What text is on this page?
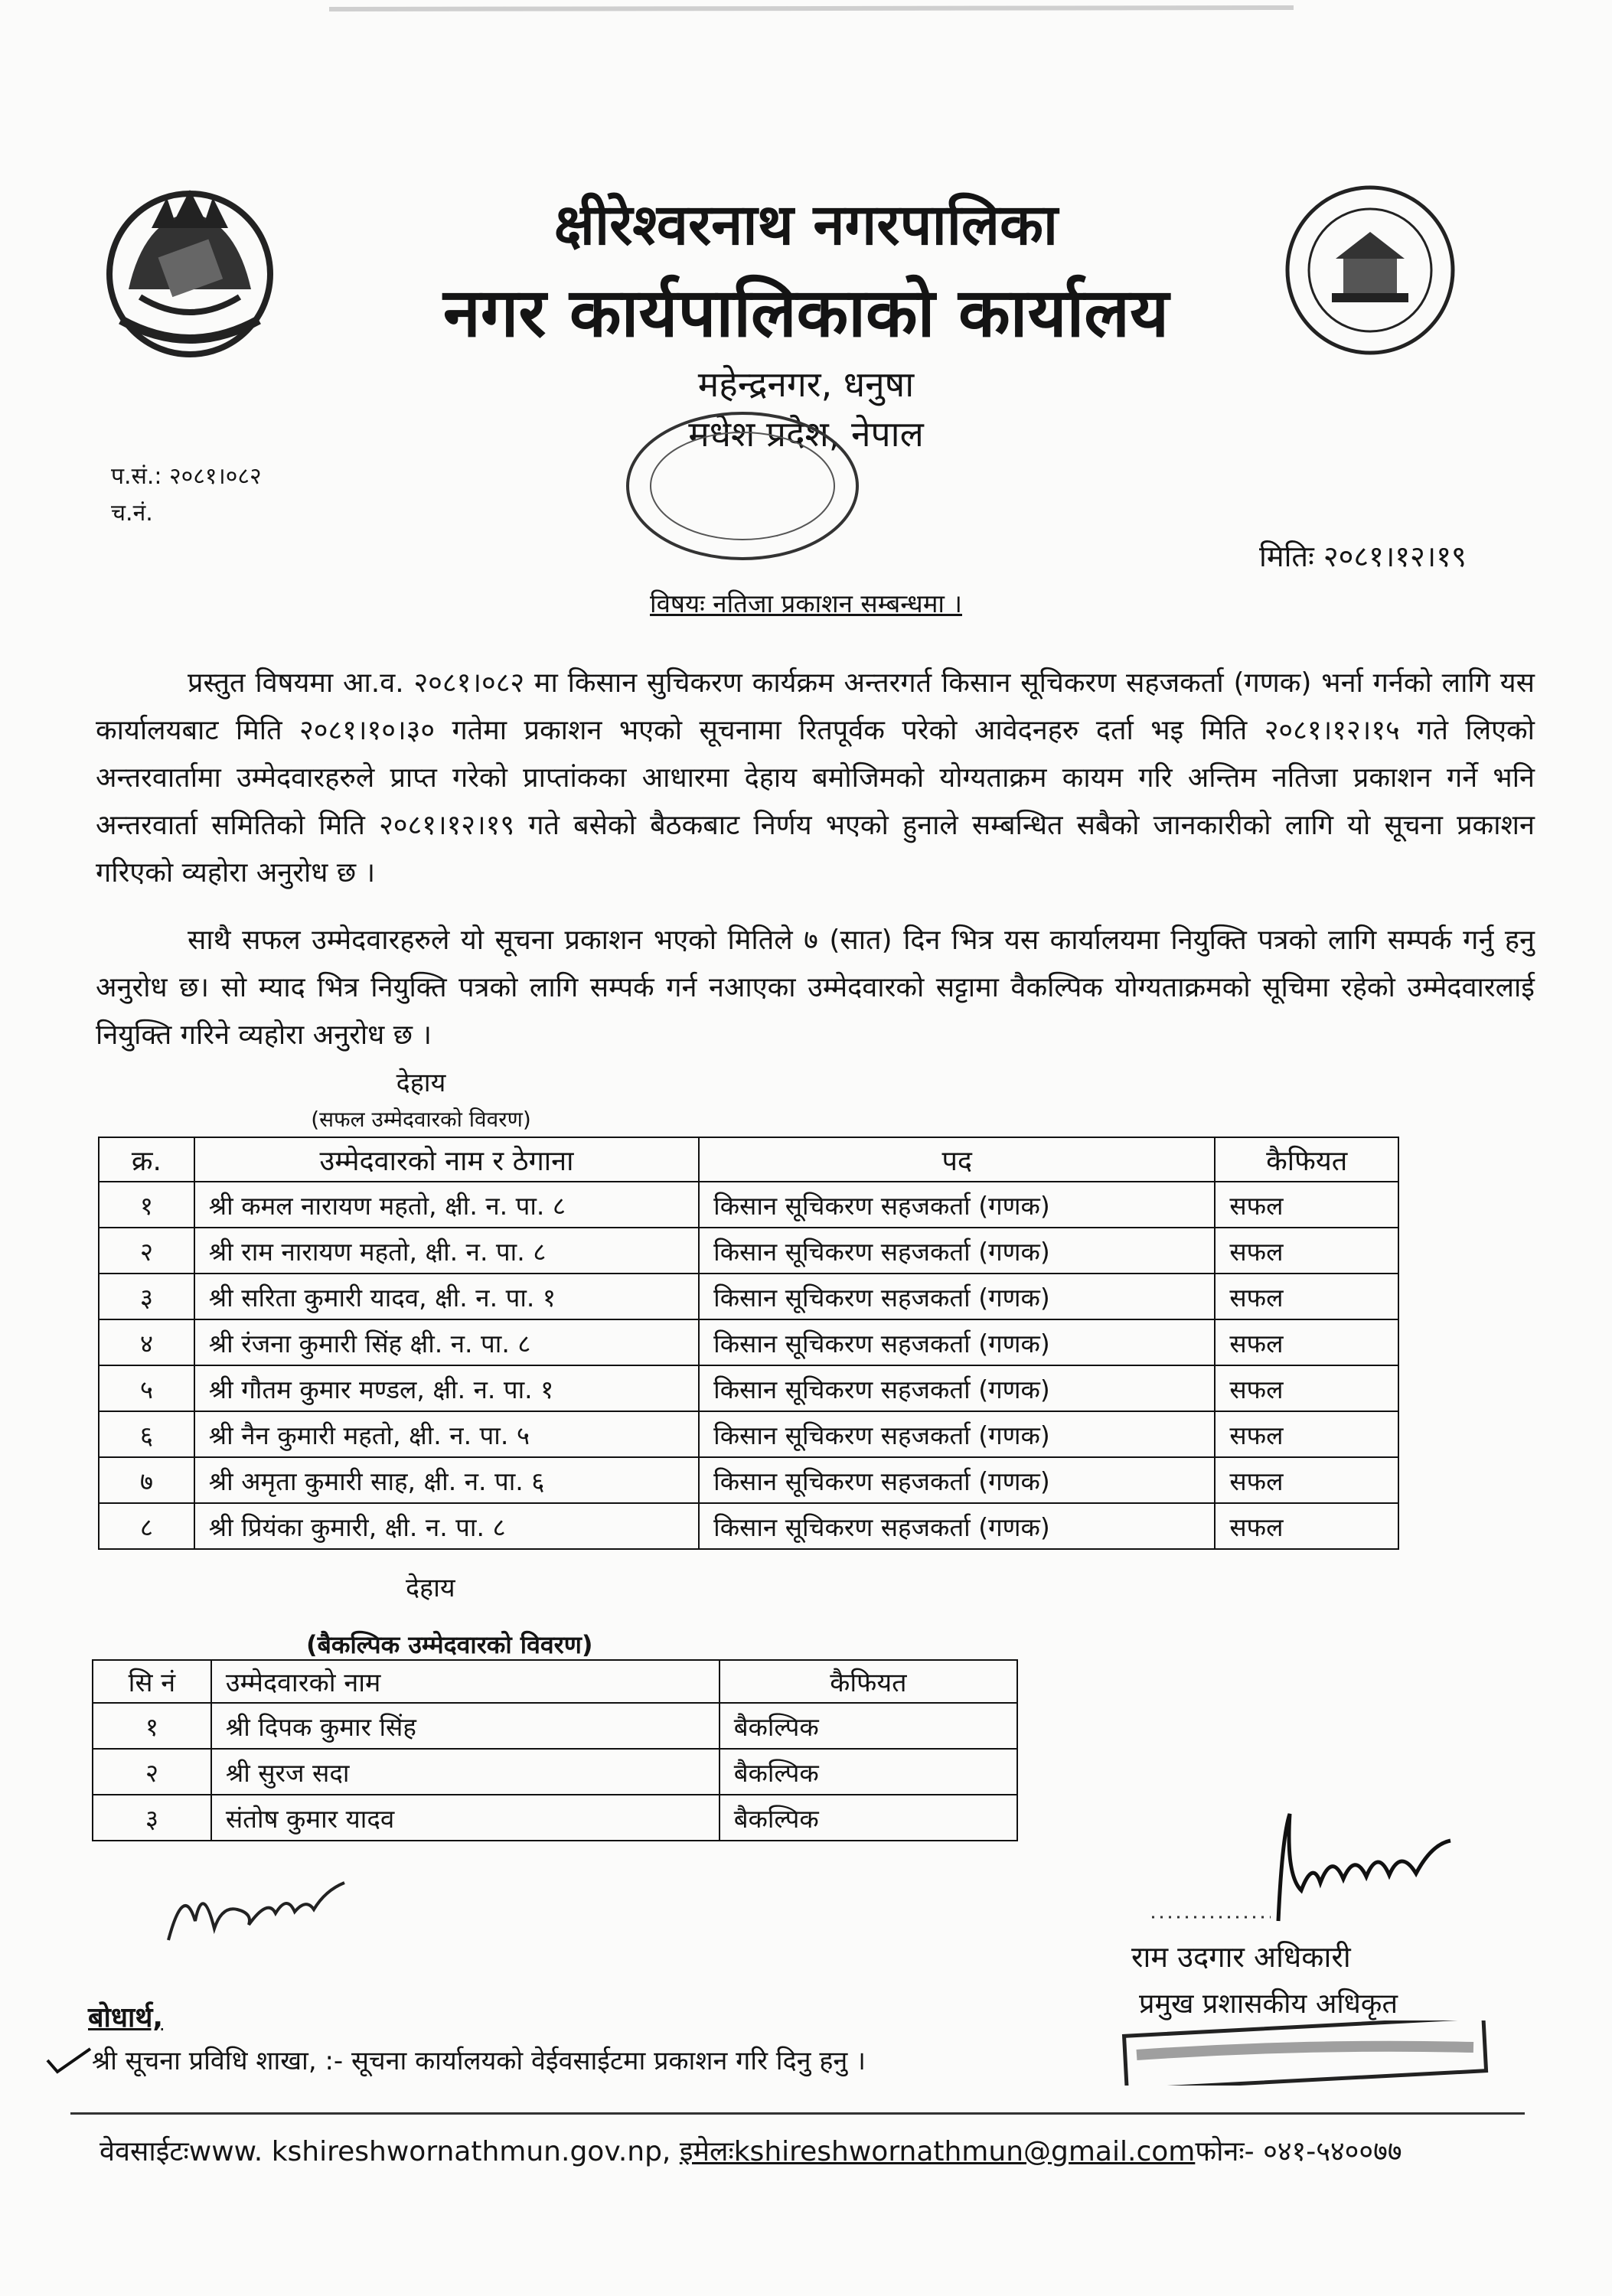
क्षीरेश्वरनाथ नगरपालिका
नगर कार्यपालिकाको कार्यालय
महेन्द्रनगर, धनुषा
मधेश प्रदेश, नेपाल
प.सं.: २०८१।०८२
च.नं.
मितिः २०८१।१२।१९
विषयः नतिजा प्रकाशन सम्बन्धमा ।

प्रस्तुत विषयमा आ.व. २०८१।०८२ मा किसान सुचिकरण कार्यक्रम अन्तरगर्त किसान सूचिकरण सहजकर्ता (गणक) भर्ना गर्नको लागि यस कार्यालयबाट मिति २०८१।१०।३० गतेमा प्रकाशन भएको सूचनामा रितपूर्वक परेको आवेदनहरु दर्ता भइ मिति २०८१।१२।१५ गते लिएको अन्तरवार्तामा उम्मेदवारहरुले प्राप्त गरेको प्राप्तांकका आधारमा देहाय बमोजिमको योग्यताक्रम कायम गरि अन्तिम नतिजा प्रकाशन गर्ने भनि अन्तरवार्ता समितिको मिति २०८१।१२।१९ गते बसेको बैठकबाट निर्णय भएको हुनाले सम्बन्धित सबैको जानकारीको लागि यो सूचना प्रकाशन गरिएको व्यहोरा अनुरोध छ ।

साथै सफल उम्मेदवारहरुले यो सूचना प्रकाशन भएको मितिले ७ (सात) दिन भित्र यस कार्यालयमा नियुक्ति पत्रको लागि सम्पर्क गर्नु हनु अनुरोध छ। सो म्याद भित्र नियुक्ति पत्रको लागि सम्पर्क गर्न नआएका उम्मेदवारको सट्टामा वैकल्पिक योग्यताक्रमको सूचिमा रहेको उम्मेदवारलाई नियुक्ति गरिने व्यहोरा अनुरोध छ ।

देहाय
(सफल उम्मेदवारको विवरण)
क्र.	उम्मेदवारको नाम र ठेगाना	पद	कैफियत
१	श्री कमल नारायण महतो, क्षी. न. पा. ८	किसान सूचिकरण सहजकर्ता (गणक)	सफल
२	श्री राम नारायण महतो, क्षी. न. पा. ८	किसान सूचिकरण सहजकर्ता (गणक)	सफल
३	श्री सरिता कुमारी यादव, क्षी. न. पा. १	किसान सूचिकरण सहजकर्ता (गणक)	सफल
४	श्री रंजना कुमारी सिंह क्षी. न. पा. ८	किसान सूचिकरण सहजकर्ता (गणक)	सफल
५	श्री गौतम कुमार मण्डल, क्षी. न. पा. १	किसान सूचिकरण सहजकर्ता (गणक)	सफल
६	श्री नैन कुमारी महतो, क्षी. न. पा. ५	किसान सूचिकरण सहजकर्ता (गणक)	सफल
७	श्री अमृता कुमारी साह, क्षी. न. पा. ६	किसान सूचिकरण सहजकर्ता (गणक)	सफल
८	श्री प्रियंका कुमारी, क्षी. न. पा. ८	किसान सूचिकरण सहजकर्ता (गणक)	सफल
देहाय
(बैकल्पिक उम्मेदवारको विवरण)
सि नं	उम्मेदवारको नाम	कैफियत
१	श्री दिपक कुमार सिंह	बैकल्पिक
२	श्री सुरज सदा	बैकल्पिक
३	संतोष कुमार यादव	बैकल्पिक
राम उदगार अधिकारी
प्रमुख प्रशासकीय अधिकृत
बोधार्थ,
श्री सूचना प्रविधि शाखा, :- सूचना कार्यालयको वेईवसाईटमा प्रकाशन गरि दिनु हनु ।
वेवसाईटःwww. kshireshwornathmun.gov.np, इमेलःkshireshwornathmun@gmail.comफोनः- ०४१-५४००७७
